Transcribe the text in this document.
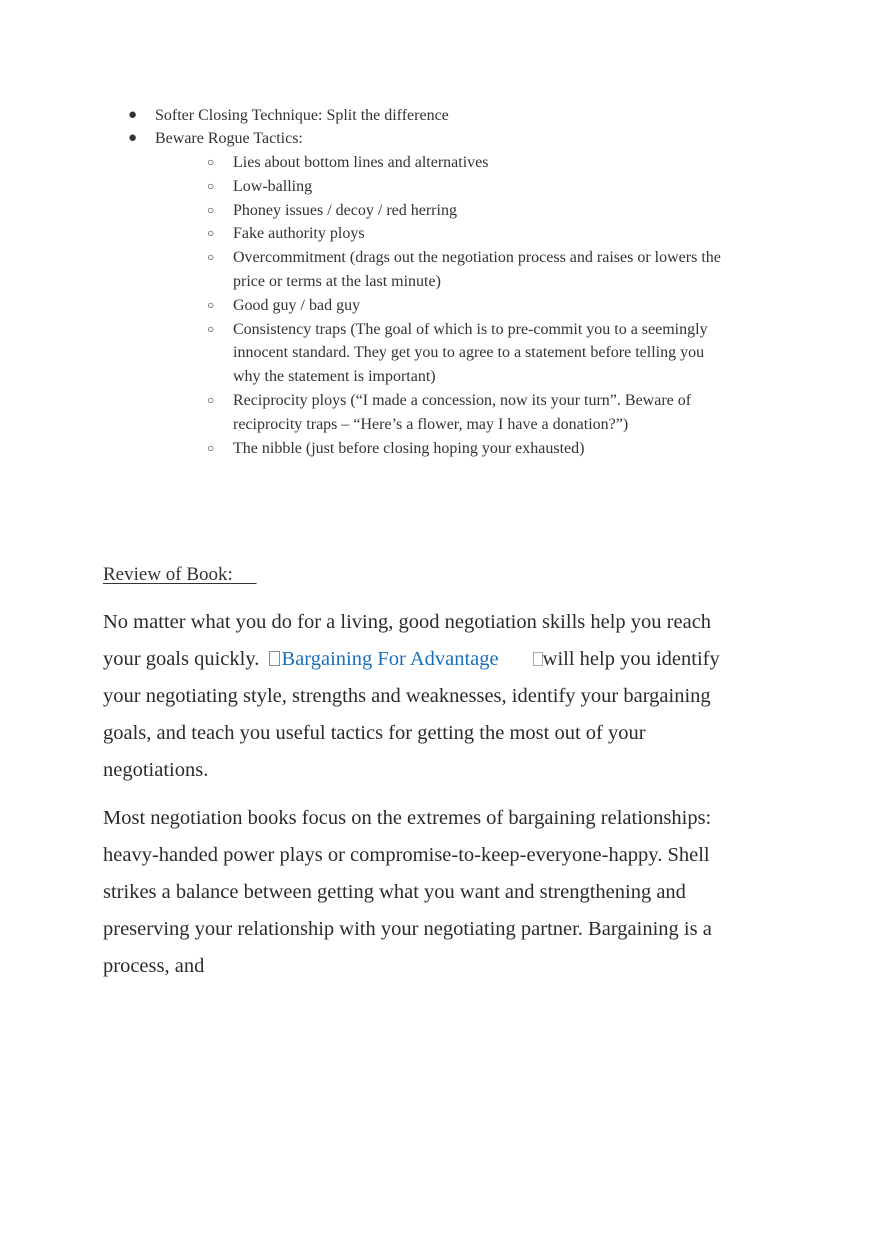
● Softer Closing Technique: Split the difference
● Beware Rogue Tactics:
○ Lies about bottom lines and alternatives
○ Low-balling
○ Phoney issues / decoy / red herring
○ Fake authority ploys
○ Overcommitment (drags out the negotiation process and raises or lowers the price or terms at the last minute)
○ Good guy / bad guy
○ Consistency traps (The goal of which is to pre-commit you to a seemingly innocent standard. They get you to agree to a statement before telling you why the statement is important)
○ Reciprocity ploys (“I made a concession, now its your turn”. Beware of reciprocity traps – “Here’s a flower, may I have a donation?”)
○ The nibble (just before closing hoping your exhausted)
Review of Book:

No matter what you do for a living, good negotiation skills help you reach your goals quickly. Bargaining For Advantage will help you identify your negotiating style, strengths and weaknesses, identify your bargaining goals, and teach you useful tactics for getting the most out of your negotiations.

Most negotiation books focus on the extremes of bargaining relationships: heavy-handed power plays or compromise-to-keep-everyone-happy. Shell strikes a balance between getting what you want and strengthening and preserving your relationship with your negotiating partner. Bargaining is a process, and
